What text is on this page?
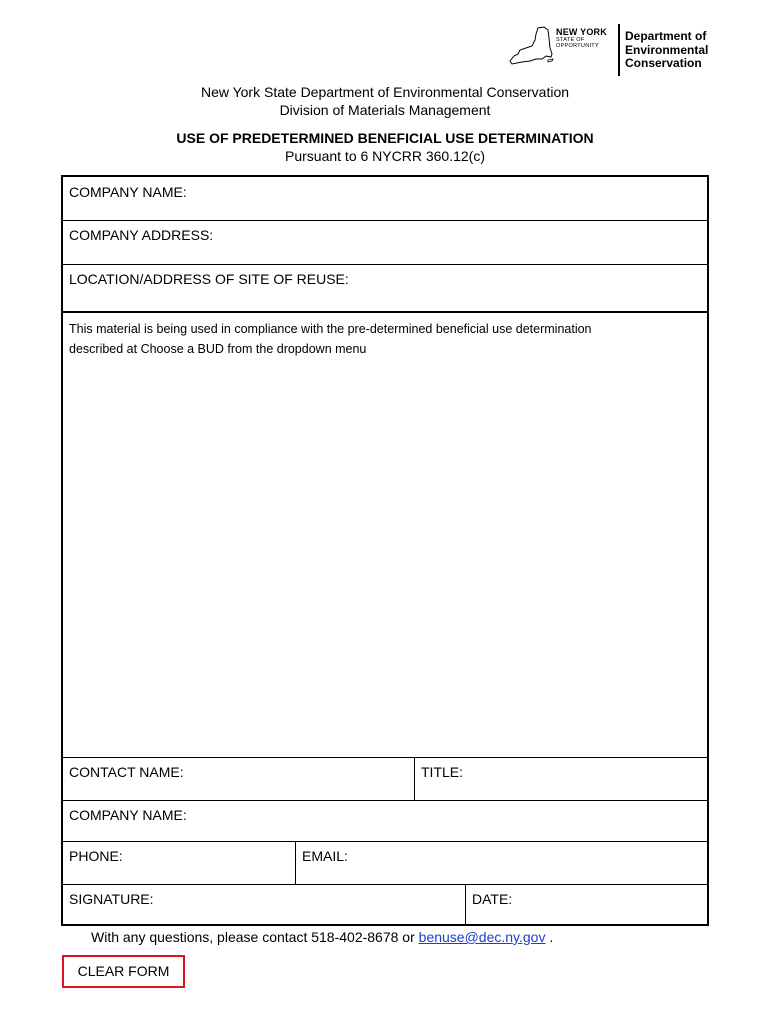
NEW YORK
STATE OF
OPPORTUNITY
Department of
Environmental
Conservation
New York State Department of Environmental Conservation
Division of Materials Management
USE OF PREDETERMINED BENEFICIAL USE DETERMINATION
Pursuant to 6 NYCRR 360.12(c)
COMPANY NAME:
COMPANY ADDRESS:
LOCATION/ADDRESS OF SITE OF REUSE:
This material is being used in compliance with the pre-determined beneficial use determination
described at Choose a BUD from the dropdown menu
CONTACT NAME:	TITLE:
COMPANY NAME:
PHONE:	EMAIL:
SIGNATURE:	DATE:
With any questions, please contact 518-402-8678 or benuse@dec.ny.gov .
CLEAR FORM
